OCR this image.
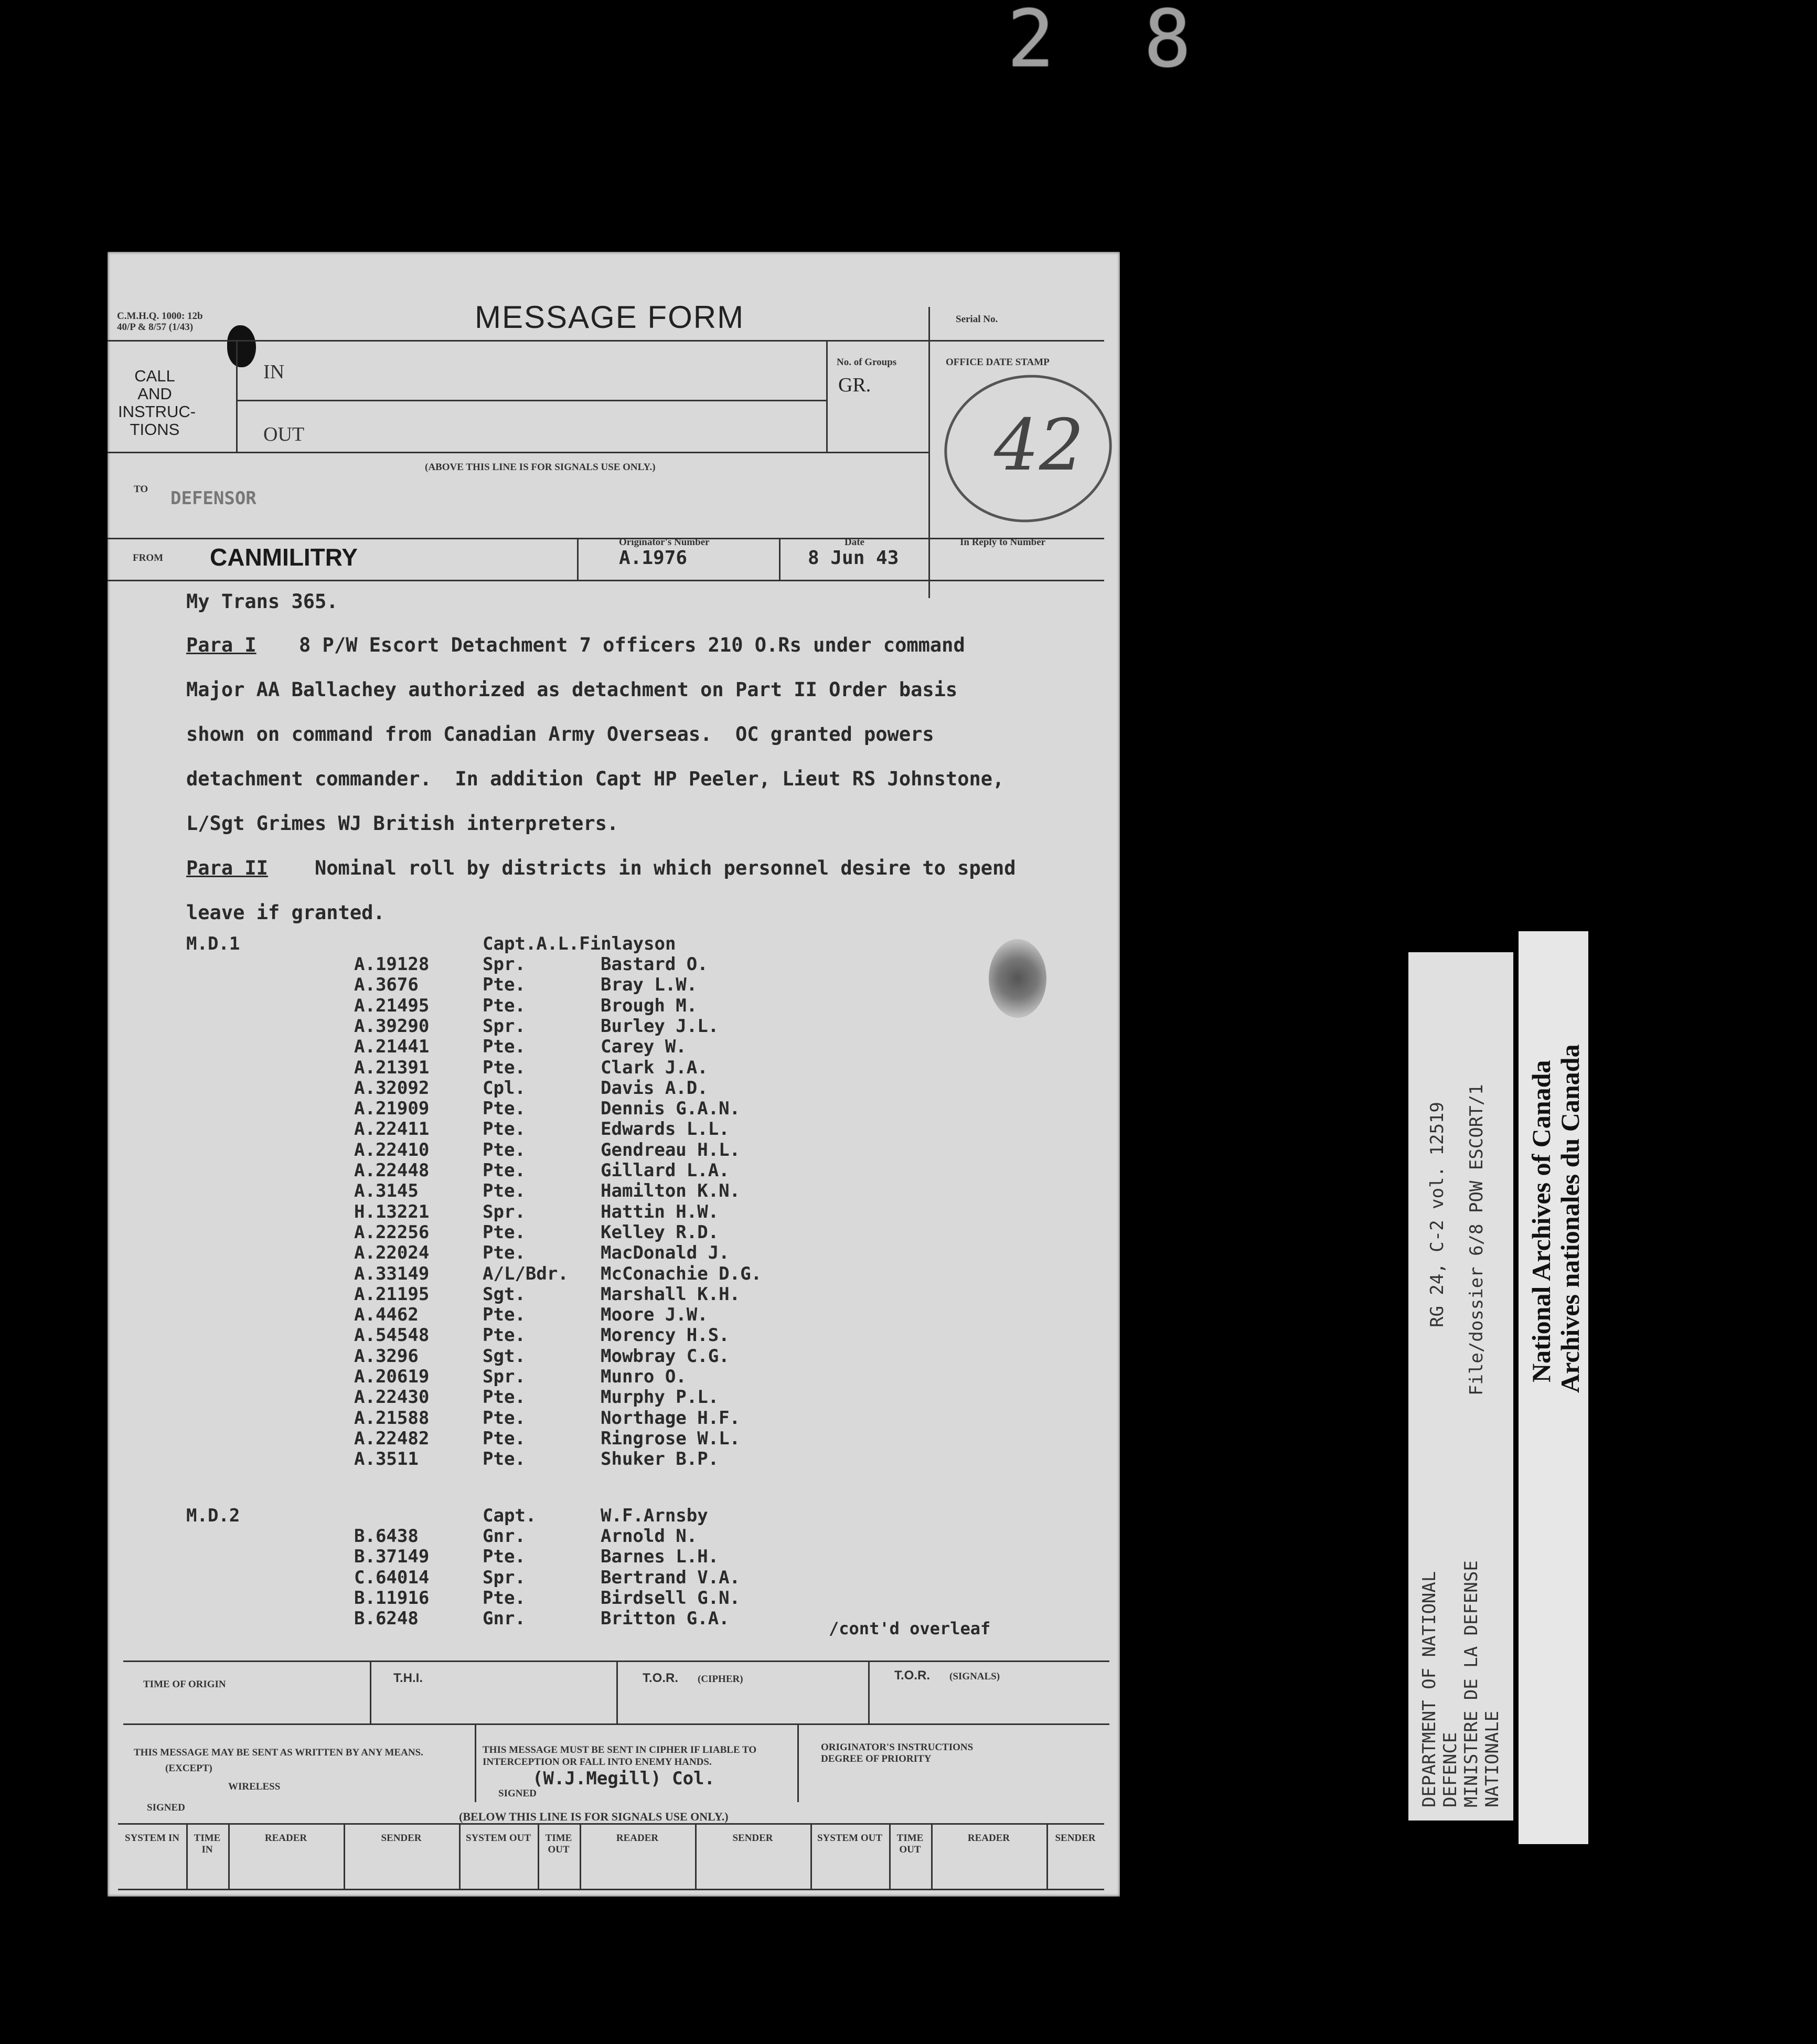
2 8
C.M.H.Q. 1000: 12b
40/P & 8/57 (1/43)	MESSAGE FORM
CALL AND INSTRUC- TIONS
IN
OUT
No. of Groups
GR.
Serial No.
OFFICE DATE STAMP
42
(ABOVE THIS LINE IS FOR SIGNALS USE ONLY.)
TO DEFENSOR
FROM CANMILITRY
Originator's Number
A.1976
Date
8 Jun 43
In Reply to Number
My Trans 365.
Para I 8 P/W Escort Detachment 7 officers 210 O.Rs under command
Major AA Ballachey authorized as detachment on Part II Order basis
shown on command from Canadian Army Overseas.  OC granted powers
detachment commander.  In addition Capt HP Peeler, Lieut RS Johnstone,
L/Sgt Grimes WJ British interpreters.
Para II Nominal roll by districts in which personnel desire to spend
leave if granted.
M.D.1	Capt.A.L.Finlayson
A.19128	Spr.	Bastard O.
A.3676	Pte.	Bray L.W.
A.21495	Pte.	Brough M.
A.39290	Spr.	Burley J.L.
A.21441	Pte.	Carey W.
A.21391	Pte.	Clark J.A.
A.32092	Cpl.	Davis A.D.
A.21909	Pte.	Dennis G.A.N.
A.22411	Pte.	Edwards L.L.
A.22410	Pte.	Gendreau H.L.
A.22448	Pte.	Gillard L.A.
A.3145	Pte.	Hamilton K.N.
H.13221	Spr.	Hattin H.W.
A.22256	Pte.	Kelley R.D.
A.22024	Pte.	MacDonald J.
A.33149	A/L/Bdr. McConachie D.G.
A.21195	Sgt.	Marshall K.H.
A.4462	Pte.	Moore J.W.
A.54548	Pte.	Morency H.S.
A.3296	Sgt.	Mowbray C.G.
A.20619	Spr.	Munro O.
A.22430	Pte.	Murphy P.L.
A.21588	Pte.	Northage H.F.
A.22482	Pte.	Ringrose W.L.
A.3511	Pte.	Shuker B.P.
M.D.2	Capt.	W.F.Arnsby
B.6438	Gnr.	Arnold N.
B.37149	Pte.	Barnes L.H.
C.64014	Spr.	Bertrand V.A.
B.11916	Pte.	Birdsell G.N.
B.6248	Gnr.	Britton G.A.	/cont'd overleaf
TIME OF ORIGIN	T.H.I.	T.O.R. (CIPHER)	T.O.R. (SIGNALS)
THIS MESSAGE MAY BE SENT AS WRITTEN BY ANY MEANS.
(EXCEPT)
WIRELESS
SIGNED
THIS MESSAGE MUST BE SENT IN CIPHER IF LIABLE TO
INTERCEPTION OR FALL INTO ENEMY HANDS.
(W.J.Megill) Col.
SIGNED
ORIGINATOR'S INSTRUCTIONS
DEGREE OF PRIORITY
(BELOW THIS LINE IS FOR SIGNALS USE ONLY.)
SYSTEM IN	TIME IN
READER	SENDER	SYSTEM OUT	TIME OUT
READER	SENDER	SYSTEM OUT	TIME OUT
READER	SENDER
DEPARTMENT OF NATIONAL DEFENCE MINISTERE DE LA DEFENSE NATIONALE
RG 24, C-2 vol. 12519 File/dossier 6/8 POW ESCORT/1 National Archives of Canada Archives nationales du Canada
